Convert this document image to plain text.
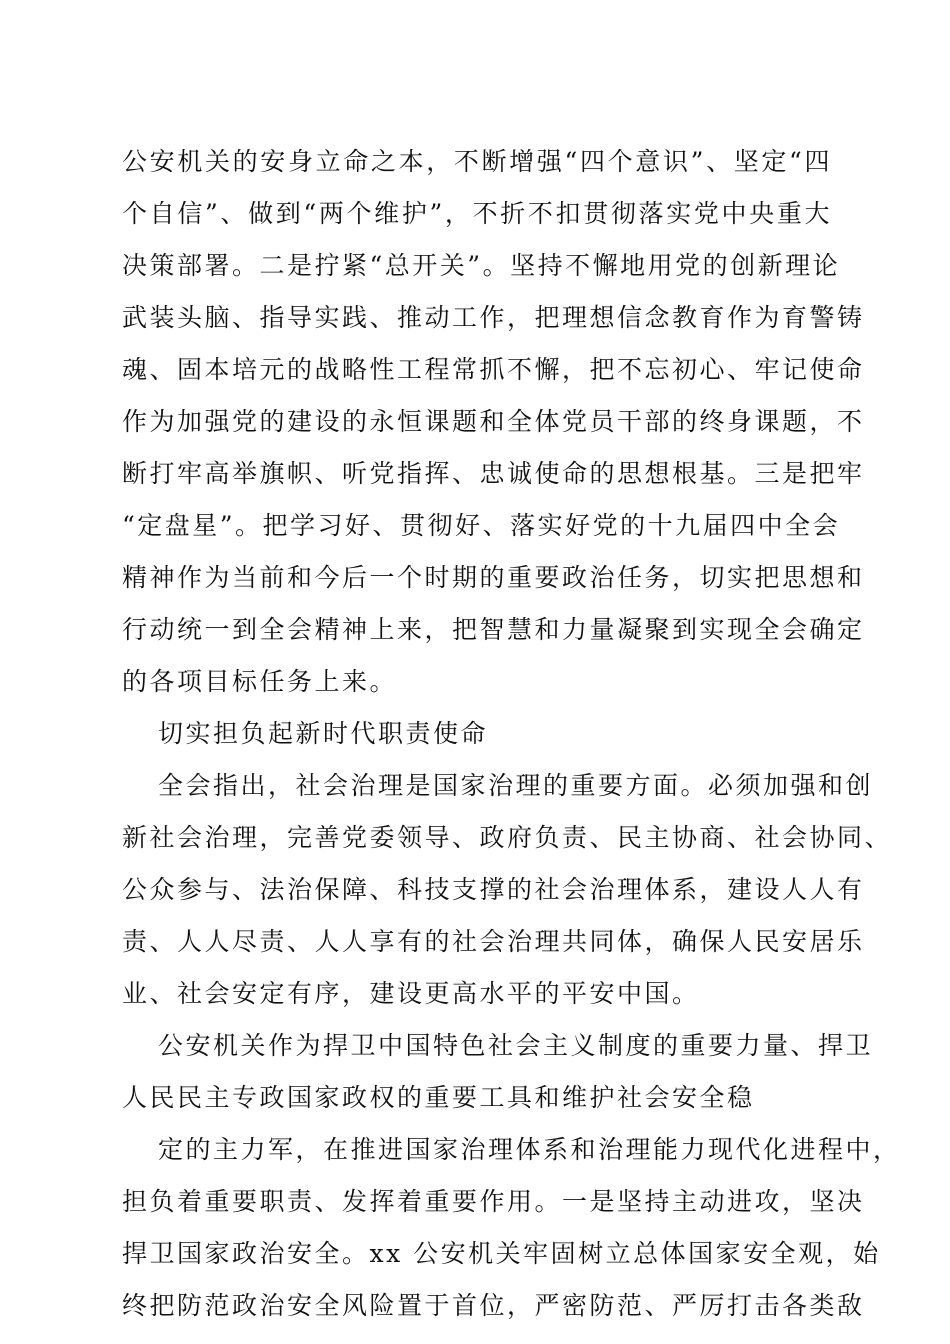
公安机关的安身立命之本，不断增强“四个意识”、坚定“四
个自信”、做到“两个维护”，不折不扣贯彻落实党中央重大
决策部署。二是拧紧“总开关”。坚持不懈地用党的创新理论
武装头脑、指导实践、推动工作，把理想信念教育作为育警铸
魂、固本培元的战略性工程常抓不懈，把不忘初心、牢记使命
作为加强党的建设的永恒课题和全体党员干部的终身课题，不
断打牢高举旗帜、听党指挥、忠诚使命的思想根基。三是把牢
“定盘星”。把学习好、贯彻好、落实好党的十九届四中全会
精神作为当前和今后一个时期的重要政治任务，切实把思想和
行动统一到全会精神上来，把智慧和力量凝聚到实现全会确定
的各项目标任务上来。
切实担负起新时代职责使命
全会指出，社会治理是国家治理的重要方面。必须加强和创
新社会治理，完善党委领导、政府负责、民主协商、社会协同、
公众参与、法治保障、科技支撑的社会治理体系，建设人人有
责、人人尽责、人人享有的社会治理共同体，确保人民安居乐
业、社会安定有序，建设更高水平的平安中国。
公安机关作为捍卫中国特色社会主义制度的重要力量、捍卫
人民民主专政国家政权的重要工具和维护社会安全稳
定的主力军，在推进国家治理体系和治理能力现代化进程中，
担负着重要职责、发挥着重要作用。一是坚持主动进攻，坚决
捍卫国家政治安全。xx 公安机关牢固树立总体国家安全观，始
终把防范政治安全风险置于首位，严密防范、严厉打击各类敌
